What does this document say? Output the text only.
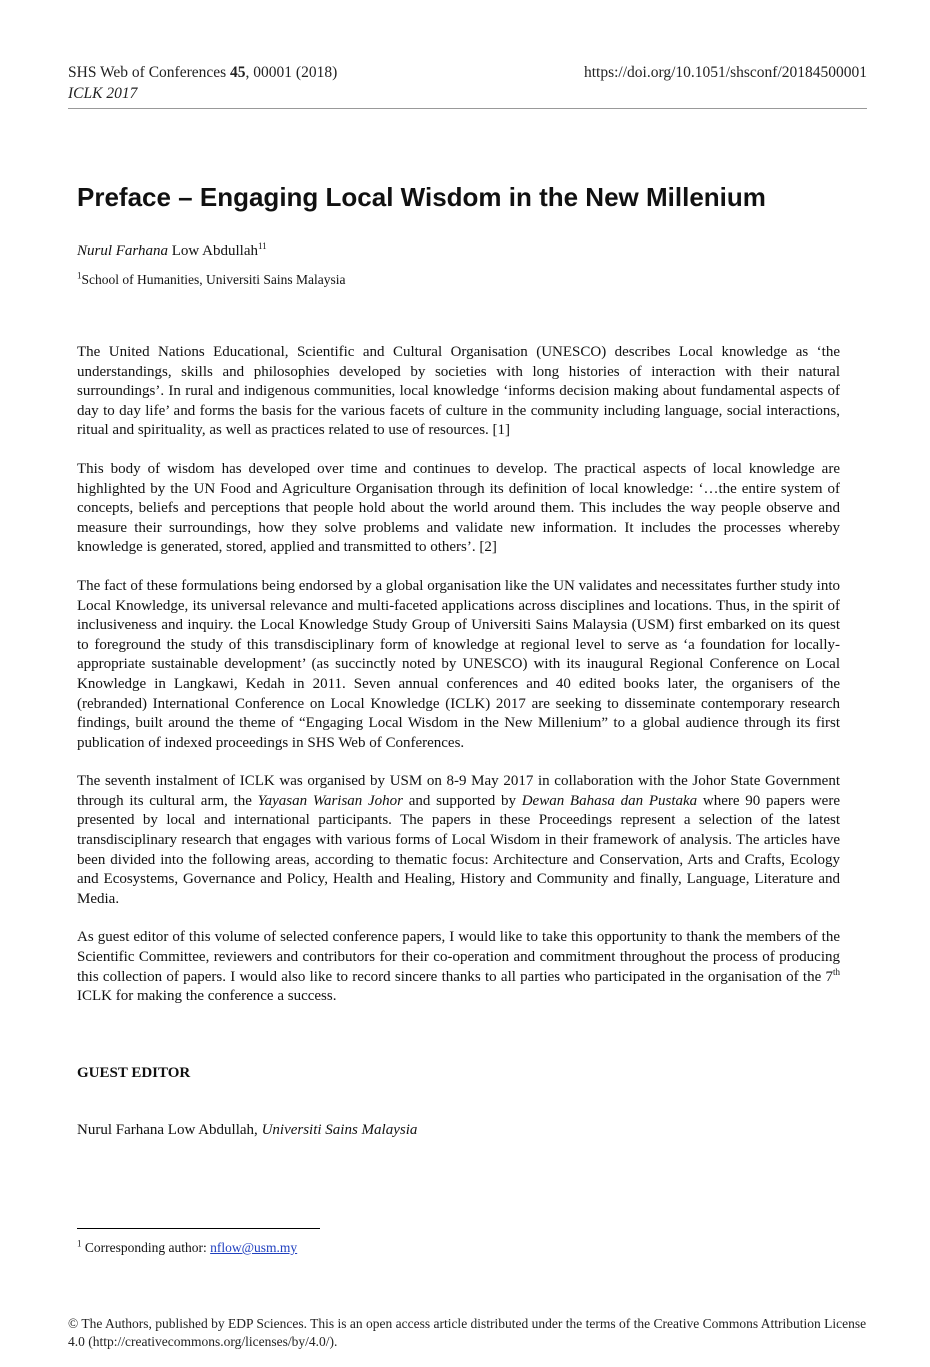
SHS Web of Conferences 45, 00001 (2018)	https://doi.org/10.1051/shsconf/20184500001
ICLK 2017
Preface – Engaging Local Wisdom in the New Millenium
Nurul Farhana Low Abdullah$^{11}$
$^1$School of Humanities, Universiti Sains Malaysia

The United Nations Educational, Scientific and Cultural Organisation (UNESCO) describes Local knowledge as ‘the understandings, skills and philosophies developed by societies with long histories of interaction with their natural surroundings’. In rural and indigenous communities, local knowledge ‘informs decision making about fundamental aspects of day to day life’ and forms the basis for the various facets of culture in the community including language, social interactions, ritual and spirituality, as well as practices related to use of resources. [1]

This body of wisdom has developed over time and continues to develop. The practical aspects of local knowledge are highlighted by the UN Food and Agriculture Organisation through its definition of local knowledge: ‘…the entire system of concepts, beliefs and perceptions that people hold about the world around them. This includes the way people observe and measure their surroundings, how they solve problems and validate new information. It includes the processes whereby knowledge is generated, stored, applied and transmitted to others’. [2]

The fact of these formulations being endorsed by a global organisation like the UN validates and necessitates further study into Local Knowledge, its universal relevance and multi-faceted applications across disciplines and locations. Thus, in the spirit of inclusiveness and inquiry. the Local Knowledge Study Group of Universiti Sains Malaysia (USM) first embarked on its quest to foreground the study of this transdisciplinary form of knowledge at regional level to serve as ‘a foundation for locally-appropriate sustainable development’ (as succinctly noted by UNESCO) with its inaugural Regional Conference on Local Knowledge in Langkawi, Kedah in 2011. Seven annual conferences and 40 edited books later, the organisers of the (rebranded) International Conference on Local Knowledge (ICLK) 2017 are seeking to disseminate contemporary research findings, built around the theme of “Engaging Local Wisdom in the New Millenium” to a global audience through its first publication of indexed proceedings in SHS Web of Conferences.

The seventh instalment of ICLK was organised by USM on 8-9 May 2017 in collaboration with the Johor State Government through its cultural arm, the Yayasan Warisan Johor and supported by Dewan Bahasa dan Pustaka where 90 papers were presented by local and international participants. The papers in these Proceedings represent a selection of the latest transdisciplinary research that engages with various forms of Local Wisdom in their framework of analysis. The articles have been divided into the following areas, according to thematic focus: Architecture and Conservation, Arts and Crafts, Ecology and Ecosystems, Governance and Policy, Health and Healing, History and Community and finally, Language, Literature and Media.

As guest editor of this volume of selected conference papers, I would like to take this opportunity to thank the members of the Scientific Committee, reviewers and contributors for their co-operation and commitment throughout the process of producing this collection of papers. I would also like to record sincere thanks to all parties who participated in the organisation of the 7th ICLK for making the conference a success.

GUEST EDITOR
Nurul Farhana Low Abdullah, Universiti Sains Malaysia
$^1$ Corresponding author: nflow@usm.my
© The Authors, published by EDP Sciences. This is an open access article distributed under the terms of the Creative Commons Attribution License 4.0 (http://creativecommons.org/licenses/by/4.0/).
